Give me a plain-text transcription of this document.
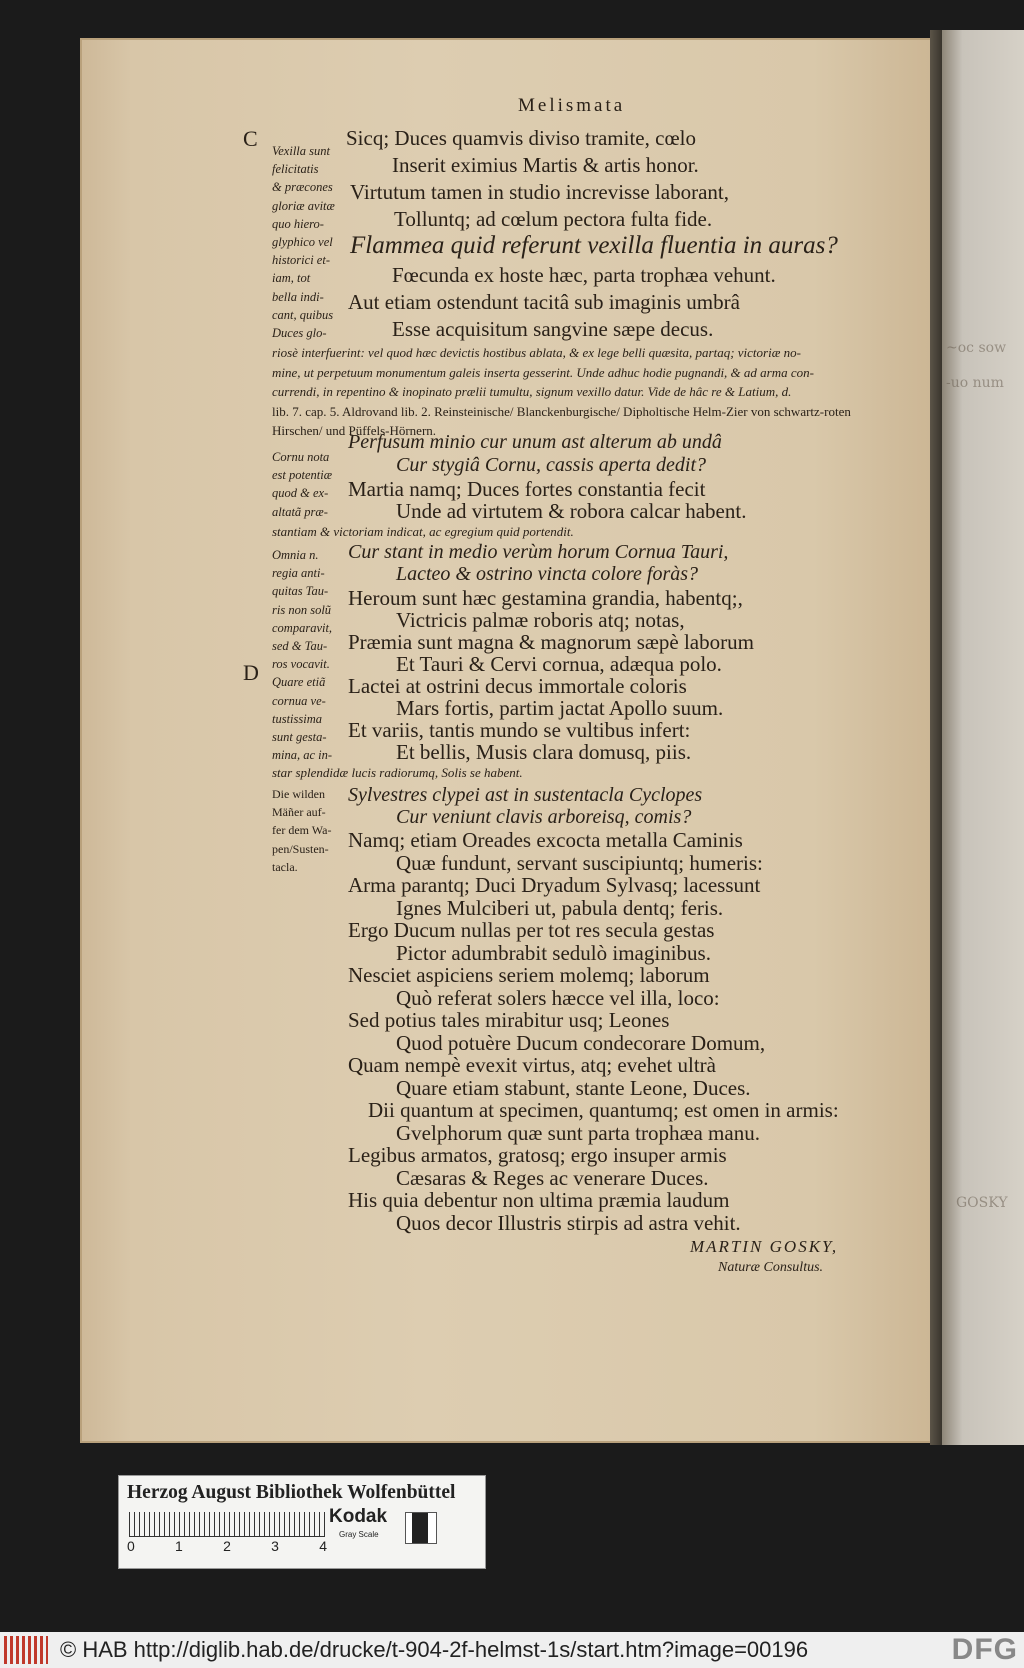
~oc sow
-uo num
GOSKY
Melismata
C
D
Vexilla sunt
felicitatis
& præcones
gloriæ avitæ
quo hiero-
glyphico vel
historici et-
iam, tot
bella indi-
cant, quibus
Duces glo-
Sicq; Duces quamvis diviso tramite, cœlo
Inserit eximius Martis & artis honor.
Virtutum tamen in studio increvisse laborant,
Tolluntq; ad cœlum pectora fulta fide.
Flammea quid referunt vexilla fluentia in auras?
Fœcunda ex hoste hæc, parta trophæa vehunt.
Aut etiam ostendunt tacitâ sub imaginis umbrâ
Esse acquisitum sangvine sæpe decus.
riosè interfuerint: vel quod hæc devictis hostibus ablata, & ex lege belli quæsita, partaq; victoriæ no-
mine, ut perpetuum monumentum galeis inserta gesserint. Unde adhuc hodie pugnandi, & ad arma con-
currendi, in repentino & inopinato prælii tumultu, signum vexillo datur. Vide de hâc re & Latium, d.
lib. 7. cap. 5. Aldrovand lib. 2. Reinsteinische/ Blanckenburgische/ Dipholtische Helm-Zier von schwartz-roten
Hirschen/ und Püffels-Hörnern.
Cornu nota
est potentiæ
quod & ex-
altatã præ-
Perfusum minio cur unum ast alterum ab undâ
Cur stygiâ Cornu, cassis aperta dedit?
Martia namq; Duces fortes constantia fecit
Unde ad virtutem & robora calcar habent.
stantiam & victoriam indicat, ac egregium quid portendit.
Omnia n.
regia anti-
quitas Tau-
ris non solũ
comparavit,
sed & Tau-
ros vocavit.
Quare etiã
cornua ve-
tustissima
sunt gesta-
mina, ac in-
Cur stant in medio verùm horum Cornua Tauri,
Lacteo & ostrino vincta colore foràs?
Heroum sunt hæc gestamina grandia, habentq;,
Victricis palmæ roboris atq; notas,
Præmia sunt magna & magnorum sæpè laborum
Et Tauri & Cervi cornua, adæqua polo.
Lactei at ostrini decus immortale coloris
Mars fortis, partim jactat Apollo suum.
Et variis, tantis mundo se vultibus infert:
Et bellis, Musis clara domusq, piis.
star splendidæ lucis radiorumq, Solis se habent.
Die wilden
Mäñer auf-
fer dem Wa-
pen/Susten-
tacla.
Sylvestres clypei ast in sustentacla Cyclopes
Cur veniunt clavis arboreisq, comis?
Namq; etiam Oreades excocta metalla Caminis
Quæ fundunt, servant suscipiuntq; humeris:
Arma parantq; Duci Dryadum Sylvasq; lacessunt
Ignes Mulciberi ut, pabula dentq; feris.
Ergo Ducum nullas per tot res secula gestas
Pictor adumbrabit sedulò imaginibus.
Nesciet aspiciens seriem molemq; laborum
Quò referat solers hæcce vel illa, loco:
Sed potius tales mirabitur usq; Leones
Quod potuère Ducum condecorare Domum,
Quam nempè evexit virtus, atq; evehet ultrà
Quare etiam stabunt, stante Leone, Duces.
Dii quantum at specimen, quantumq; est omen in armis:
Gvelphorum quæ sunt parta trophæa manu.
Legibus armatos, gratosq; ergo insuper armis
Cæsaras & Reges ac venerare Duces.
His quia debentur non ultima præmia laudum
Quos decor Illustris stirpis ad astra vehit.
MARTIN GOSKY,
Naturæ Consultus.
Herzog August Bibliothek Wolfenbüttel
0	1	2	3	4
Kodak
Gray Scale
© HAB http://diglib.hab.de/drucke/t-904-2f-helmst-1s/start.htm?image=00196	DFG
